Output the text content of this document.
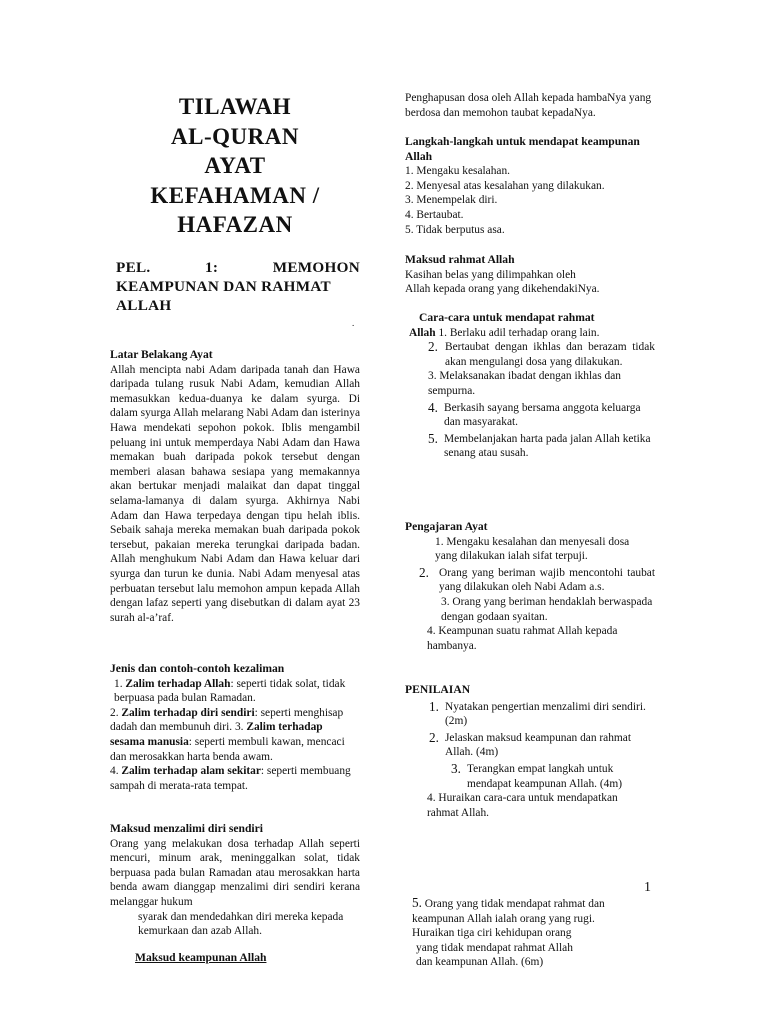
TILAWAH
AL-QURAN
AYAT
KEFAHAMAN /
HAFAZAN
PEL.	1:	MEMOHON
KEAMPUNAN DAN RAHMAT
ALLAH
.
Latar Belakang Ayat

Allah mencipta nabi Adam daripada tanah dan Hawa daripada tulang rusuk Nabi Adam, kemudian Allah memasukkan kedua-duanya ke dalam syurga. Di dalam syurga Allah melarang Nabi Adam dan isterinya Hawa mendekati sepohon pokok. Iblis mengambil peluang ini untuk memperdaya Nabi Adam dan Hawa memakan buah daripada pokok tersebut dengan memberi alasan bahawa sesiapa yang memakannya akan bertukar menjadi malaikat dan dapat tinggal selama-lamanya di dalam syurga. Akhirnya Nabi Adam dan Hawa terpedaya dengan tipu helah iblis. Sebaik sahaja mereka memakan buah daripada pokok tersebut, pakaian mereka terungkai daripada badan. Allah menghukum Nabi Adam dan Hawa keluar dari syurga dan turun ke dunia. Nabi Adam menyesal atas perbuatan tersebut lalu memohon ampun kepada Allah dengan lafaz seperti yang disebutkan di dalam ayat 23 surah al-a’raf.

Jenis dan contoh-contoh kezaliman

1. Zalim terhadap Allah: seperti tidak solat, tidak berpuasa pada bulan Ramadan.

2. Zalim terhadap diri sendiri: seperti menghisap dadah dan membunuh diri. 3. Zalim terhadap sesama manusia: seperti membuli kawan, mencaci dan merosakkan harta benda awam.

4. Zalim terhadap alam sekitar: seperti membuang sampah di merata-rata tempat.

Maksud menzalimi diri sendiri

Orang yang melakukan dosa terhadap Allah seperti mencuri, minum arak, meninggalkan solat, tidak berpuasa pada bulan Ramadan atau merosakkan harta benda awam dianggap menzalimi diri sendiri kerana melanggar hukum

syarak dan mendedahkan diri mereka kepada kemurkaan dan azab Allah.

Maksud keampunan Allah
Penghapusan dosa oleh Allah kepada hambaNya yang berdosa dan memohon taubat kepadaNya.
Langkah-langkah untuk mendapat keampunan Allah
1. Mengaku kesalahan.
2. Menyesal atas kesalahan yang dilakukan.
3. Menempelak diri.
4. Bertaubat.
5. Tidak berputus asa.
Maksud rahmat Allah
Kasihan belas yang dilimpahkan oleh
Allah kepada orang yang dikehendakiNya.
Cara-cara untuk mendapat rahmat
Allah 1. Berlaku adil terhadap orang lain.
2. Bertaubat dengan ikhlas dan berazam tidak akan mengulangi dosa yang dilakukan.
3. Melaksanakan ibadat dengan ikhlas dan sempurna.
4. Berkasih sayang bersama anggota keluarga dan masyarakat.
5. Membelanjakan harta pada jalan Allah ketika senang atau susah.
Pengajaran Ayat
1. Mengaku kesalahan dan menyesali dosa yang dilakukan ialah sifat terpuji.
2. Orang yang beriman wajib mencontohi taubat yang dilakukan oleh Nabi Adam a.s.
3. Orang yang beriman hendaklah berwaspada dengan godaan syaitan.
4. Keampunan suatu rahmat Allah kepada hambanya.
PENILAIAN
1. Nyatakan pengertian menzalimi diri sendiri. (2m)
2. Jelaskan maksud keampunan dan rahmat Allah. (4m)
3. Terangkan empat langkah untuk mendapat keampunan Allah. (4m)
4. Huraikan cara-cara untuk mendapatkan rahmat Allah.
1
5. Orang yang tidak mendapat rahmat dan
keampunan Allah ialah orang yang rugi.
Huraikan tiga ciri kehidupan orang
yang tidak mendapat rahmat Allah
dan keampunan Allah. (6m)
